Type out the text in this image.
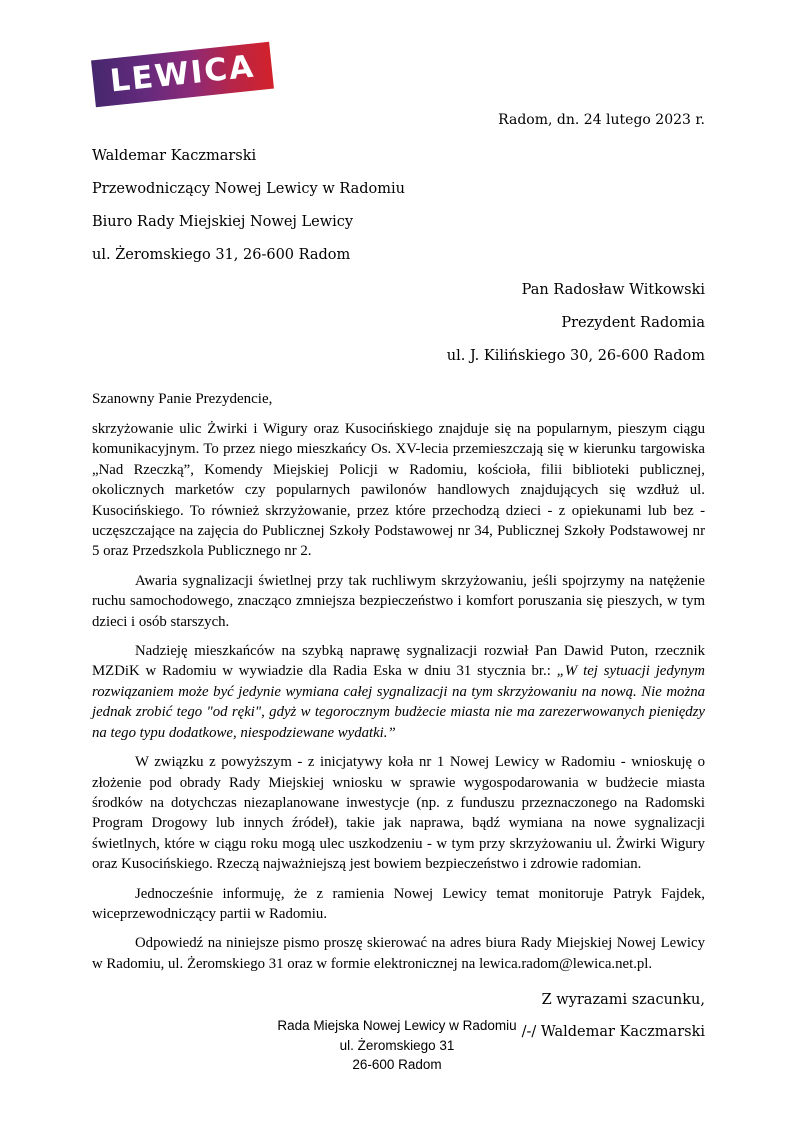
LEWICA

Radom, dn. 24 lutego 2023 r.

Waldemar Kaczmarski

Przewodniczący Nowej Lewicy w Radomiu

Biuro Rady Miejskiej Nowej Lewicy

ul. Żeromskiego 31, 26-600 Radom

Pan Radosław Witkowski

Prezydent Radomia

ul. J. Kilińskiego 30, 26-600 Radom

Szanowny Panie Prezydencie,

skrzyżowanie ulic Żwirki i Wigury oraz Kusocińskiego znajduje się na popularnym, pieszym ciągu komunikacyjnym. To przez niego mieszkańcy Os. XV-lecia przemieszczają się w kierunku targowiska „Nad Rzeczką”, Komendy Miejskiej Policji w Radomiu, kościoła, filii biblioteki publicznej, okolicznych marketów czy popularnych pawilonów handlowych znajdujących się wzdłuż ul. Kusocińskiego. To również skrzyżowanie, przez które przechodzą dzieci - z opiekunami lub bez - uczęszczające na zajęcia do Publicznej Szkoły Podstawowej nr 34, Publicznej Szkoły Podstawowej nr 5 oraz Przedszkola Publicznego nr 2.

Awaria sygnalizacji świetlnej przy tak ruchliwym skrzyżowaniu, jeśli spojrzymy na natężenie ruchu samochodowego, znacząco zmniejsza bezpieczeństwo i komfort poruszania się pieszych, w tym dzieci i osób starszych.

Nadzieję mieszkańców na szybką naprawę sygnalizacji rozwiał Pan Dawid Puton, rzecznik MZDiK w Radomiu w wywiadzie dla Radia Eska w dniu 31 stycznia br.: „W tej sytuacji jedynym rozwiązaniem może być jedynie wymiana całej sygnalizacji na tym skrzyżowaniu na nową. Nie można jednak zrobić tego "od ręki", gdyż w tegorocznym budżecie miasta nie ma zarezerwowanych pieniędzy na tego typu dodatkowe, niespodziewane wydatki.”

W związku z powyższym - z inicjatywy koła nr 1 Nowej Lewicy w Radomiu - wnioskuję o złożenie pod obrady Rady Miejskiej wniosku w sprawie wygospodarowania w budżecie miasta środków na dotychczas niezaplanowane inwestycje (np. z funduszu przeznaczonego na Radomski Program Drogowy lub innych źródeł), takie jak naprawa, bądź wymiana na nowe sygnalizacji świetlnych, które w ciągu roku mogą ulec uszkodzeniu - w tym przy skrzyżowaniu ul. Żwirki Wigury oraz Kusocińskiego. Rzeczą najważniejszą jest bowiem bezpieczeństwo i zdrowie radomian.

Jednocześnie informuję, że z ramienia Nowej Lewicy temat monitoruje Patryk Fajdek, wiceprzewodniczący partii w Radomiu.

Odpowiedź na niniejsze pismo proszę skierować na adres biura Rady Miejskiej Nowej Lewicy w Radomiu, ul. Żeromskiego 31 oraz w formie elektronicznej na lewica.radom@lewica.net.pl.

Z wyrazami szacunku,

/-/ Waldemar Kaczmarski

Rada Miejska Nowej Lewicy w Radomiu

ul. Żeromskiego 31

26-600 Radom
